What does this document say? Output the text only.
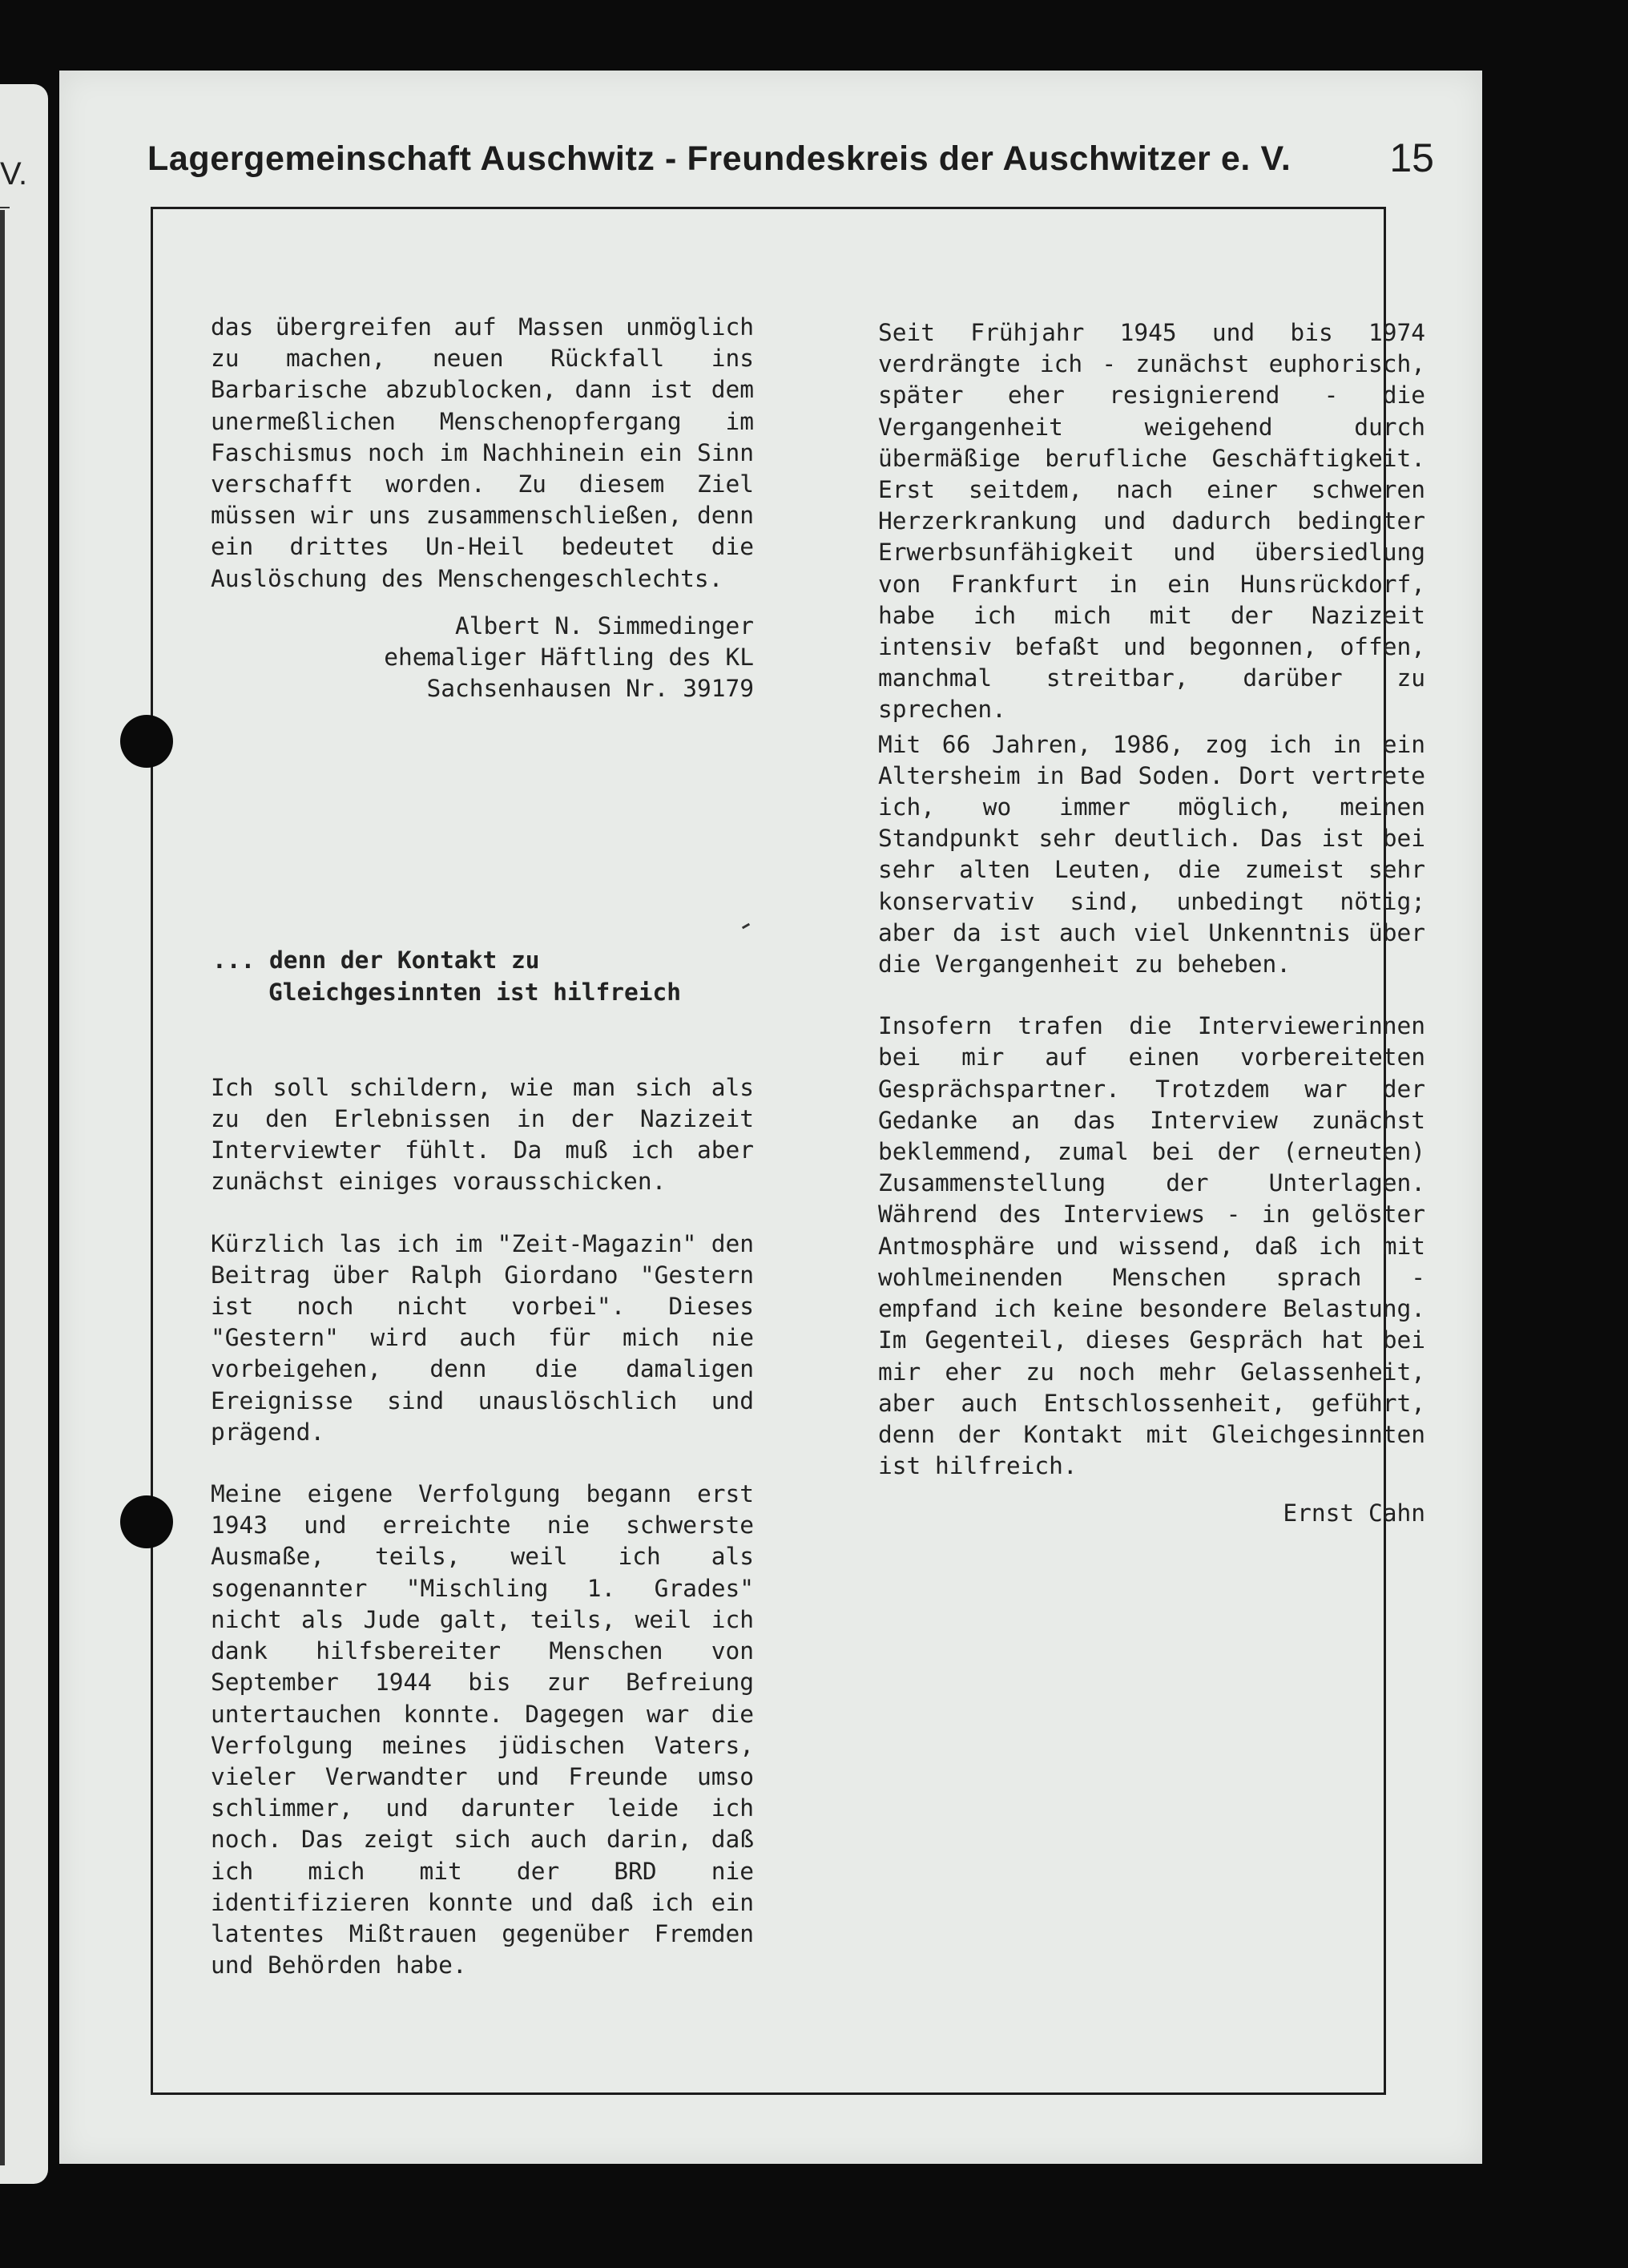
V.	Lagergemeinschaft Auschwitz - Freundeskreis der Auschwitzer e. V. 15

das übergreifen auf Massen unmöglich zu machen, neuen Rückfall ins Barbarische abzublocken, dann ist dem unermeßlichen Menschenopfergang im Faschismus noch im Nachhinein ein Sinn verschafft worden. Zu diesem Ziel müssen wir uns zusammenschließen, denn ein drittes Un-Heil bedeutet die Auslöschung des Menschengeschlechts.

Albert N. Simmedinger

ehemaliger Häftling des KL

Sachsenhausen Nr. 39179

... denn der Kontakt zu
Gleichgesinnten ist hilfreich

Ich soll schildern, wie man sich als zu den Erlebnissen in der Nazizeit Interviewter fühlt. Da muß ich aber zunächst einiges vorausschicken.

Kürzlich las ich im "Zeit-Magazin" den Beitrag über Ralph Giordano "Gestern ist noch nicht vorbei". Dieses "Gestern" wird auch für mich nie vorbeigehen, denn die damaligen Ereignisse sind unauslöschlich und prägend.

Meine eigene Verfolgung begann erst 1943 und erreichte nie schwerste Ausmaße, teils, weil ich als sogenannter "Mischling 1. Grades" nicht als Jude galt, teils, weil ich dank hilfsbereiter Menschen von September 1944 bis zur Befreiung untertauchen konnte. Dagegen war die Verfolgung meines jüdischen Vaters, vieler Verwandter und Freunde umso schlimmer, und darunter leide ich noch. Das zeigt sich auch darin, daß ich mich mit der BRD nie identifizieren konnte und daß ich ein latentes Mißtrauen gegenüber Fremden und Behörden habe.

Seit Frühjahr 1945 und bis 1974 verdrängte ich - zunächst euphorisch, später eher resignierend - die Vergangenheit weigehend durch übermäßige berufliche Geschäftigkeit. Erst seitdem, nach einer schweren Herzerkrankung und dadurch bedingter Erwerbsunfähigkeit und übersiedlung von Frankfurt in ein Hunsrückdorf, habe ich mich mit der Nazizeit intensiv befaßt und begonnen, offen, manchmal streitbar, darüber zu sprechen.

Mit 66 Jahren, 1986, zog ich in ein Altersheim in Bad Soden. Dort vertrete ich, wo immer möglich, meinen Standpunkt sehr deutlich. Das ist bei sehr alten Leuten, die zumeist sehr konservativ sind, unbedingt nötig; aber da ist auch viel Unkenntnis über die Vergangenheit zu beheben.

Insofern trafen die Interviewerinnen bei mir auf einen vorbereiteten Gesprächspartner. Trotzdem war der Gedanke an das Interview zunächst beklemmend, zumal bei der (erneuten) Zusammenstellung der Unterlagen. Während des Interviews - in gelöster Antmosphäre und wissend, daß ich mit wohlmeinenden Menschen sprach - empfand ich keine besondere Belastung. Im Gegenteil, dieses Gespräch hat bei mir eher zu noch mehr Gelassenheit, aber auch Entschlossenheit, geführt, denn der Kontakt mit Gleichgesinnten ist hilfreich.

Ernst Cahn
